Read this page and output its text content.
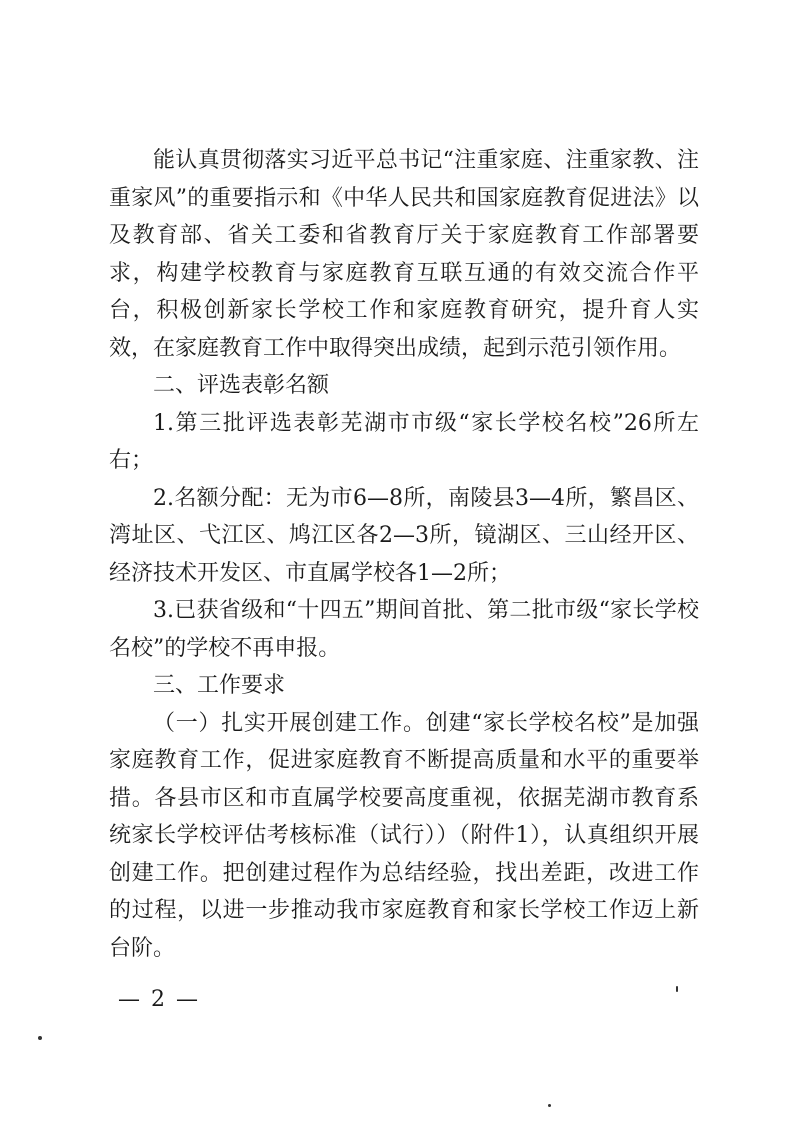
能认真贯彻落实习近平总书记“注重家庭、注重家教、注重家风”的重要指示和《中华人民共和国家庭教育促进法》以及教育部、省关工委和省教育厅关于家庭教育工作部署要求，构建学校教育与家庭教育互联互通的有效交流合作平台，积极创新家长学校工作和家庭教育研究，提升育人实效，在家庭教育工作中取得突出成绩，起到示范引领作用。

二、评选表彰名额

1.第三批评选表彰芜湖市市级“家长学校名校”26所左右；

2.名额分配：无为市6—8所，南陵县3—4所，繁昌区、湾址区、弋江区、鸠江区各2—3所，镜湖区、三山经开区、经济技术开发区、市直属学校各1—2所；

3.已获省级和“十四五”期间首批、第二批市级“家长学校名校”的学校不再申报。

三、工作要求

（一）扎实开展创建工作。创建“家长学校名校”是加强家庭教育工作，促进家庭教育不断提高质量和水平的重要举措。各县市区和市直属学校要高度重视，依据芜湖市教育系统家长学校评估考核标准（试行））（附件1），认真组织开展创建工作。把创建过程作为总结经验，找出差距，改进工作的过程，以进一步推动我市家庭教育和家长学校工作迈上新台阶。

— 2 —
